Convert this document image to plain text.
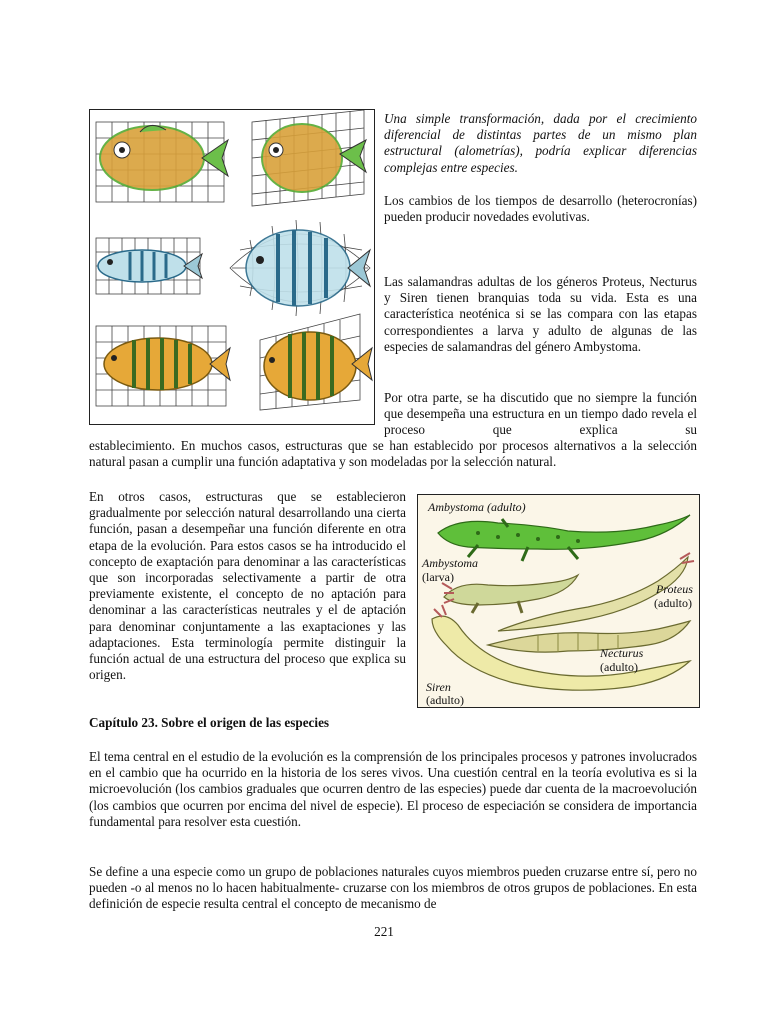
Una simple transformación, dada por el crecimiento diferencial de distintas partes de un mismo plan estructural (alometrías), podría explicar diferencias complejas entre especies.

Los cambios de los tiempos de desarrollo (heterocronías) pueden producir novedades evolutivas.

Las salamandras adultas de los géneros Proteus, Necturus y Siren tienen branquias toda su vida. Esta es una característica neoténica si se las compara con las etapas correspondientes a larva y adulto de algunas de las especies de salamandras del género Ambystoma.

Por otra parte, se ha discutido que no siempre la función que desempeña una estructura en un tiempo dado revela el proceso que explica su

establecimiento. En muchos casos, estructuras que se han establecido por procesos alternativos a la selección natural pasan a cumplir una función adaptativa y son modeladas por la selección natural.

En otros casos, estructuras que se establecieron gradualmente por selección natural desarrollando una cierta función, pasan a desempeñar una función diferente en otra etapa de la evolución. Para estos casos se ha introducido el concepto de exaptación para denominar a las características que son incorporadas selectivamente a partir de otra previamente existente, el concepto de no aptación para denominar a las características neutrales y el de aptación para denominar conjuntamente a las exaptaciones y las adaptaciones. Esta terminología permite distinguir la función actual de una estructura del proceso que explica su origen.

Ambystoma (adulto)
Ambystoma
(larva)
Proteus
(adulto)
Necturus
(adulto)
Siren
(adulto)

Capítulo 23. Sobre el origen de las especies

El tema central en el estudio de la evolución es la comprensión de los principales procesos y patrones involucrados en el cambio que ha ocurrido en la historia de los seres vivos. Una cuestión central en la teoría evolutiva es si la microevolución (los cambios graduales que ocurren dentro de las especies) puede dar cuenta de la macroevolución (los cambios que ocurren por encima del nivel de especie). El proceso de especiación se considera de importancia fundamental para resolver esta cuestión.

Se define a una especie como un grupo de poblaciones naturales cuyos miembros pueden cruzarse entre sí, pero no pueden -o al menos no lo hacen habitualmente- cruzarse con los miembros de otros grupos de poblaciones. En esta definición de especie resulta central el concepto de mecanismo de

221
